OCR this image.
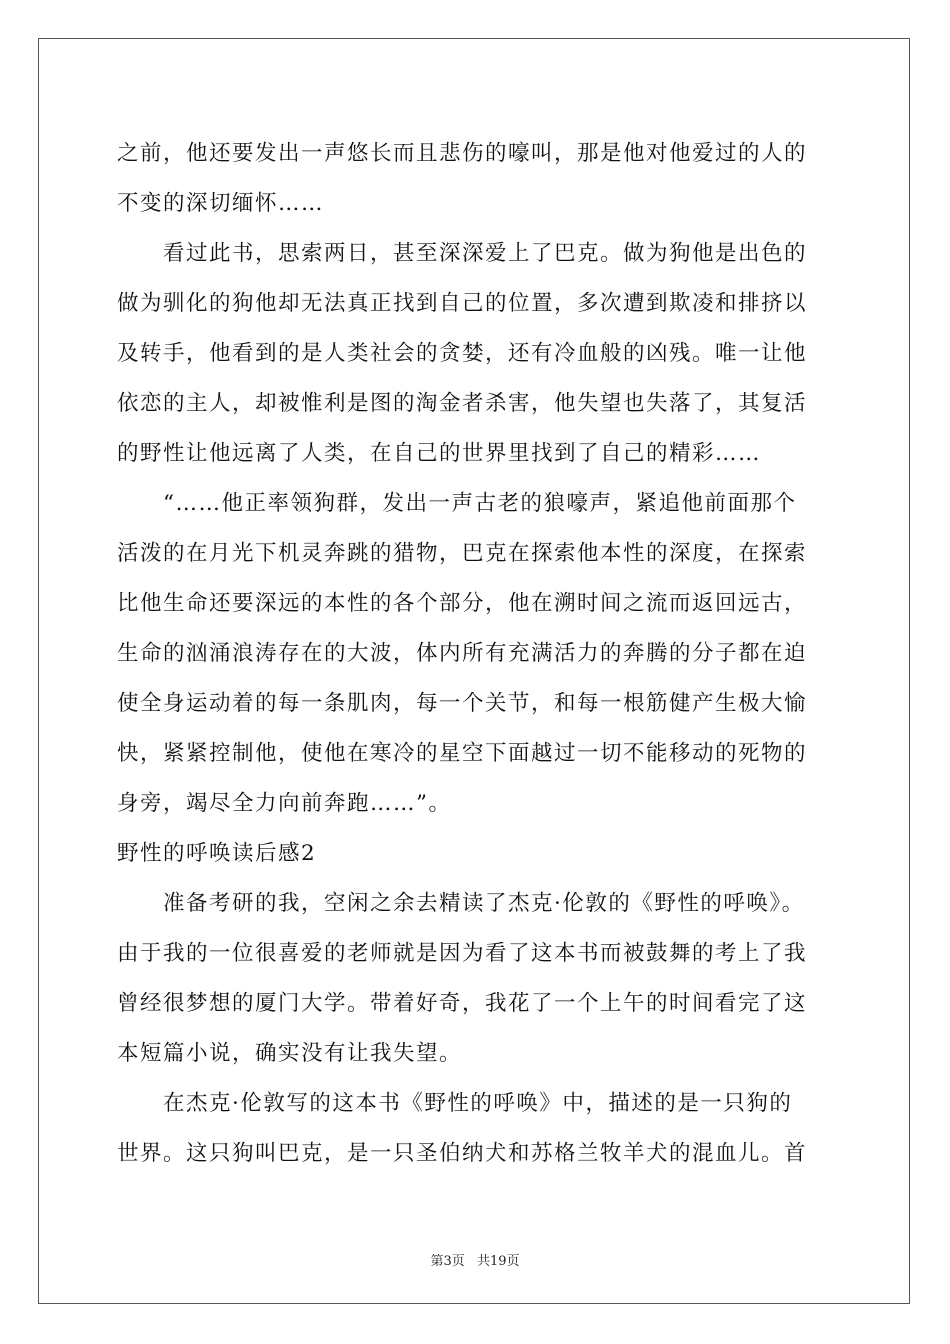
之前，他还要发出一声悠长而且悲伤的嚎叫，那是他对他爱过的人的
不变的深切缅怀……
　　看过此书，思索两日，甚至深深爱上了巴克。做为狗他是出色的
做为驯化的狗他却无法真正找到自己的位置，多次遭到欺凌和排挤以
及转手，他看到的是人类社会的贪婪，还有冷血般的凶残。唯一让他
依恋的主人，却被惟利是图的淘金者杀害，他失望也失落了，其复活
的野性让他远离了人类，在自己的世界里找到了自己的精彩……
　　“……他正率领狗群，发出一声古老的狼嚎声，紧追他前面那个
活泼的在月光下机灵奔跳的猎物，巴克在探索他本性的深度，在探索
比他生命还要深远的本性的各个部分，他在溯时间之流而返回远古，
生命的汹涌浪涛存在的大波，体内所有充满活力的奔腾的分子都在迫
使全身运动着的每一条肌肉，每一个关节，和每一根筋健产生极大愉
快，紧紧控制他，使他在寒冷的星空下面越过一切不能移动的死物的
身旁，竭尽全力向前奔跑……”。
野性的呼唤读后感2
　　准备考研的我，空闲之余去精读了杰克·伦敦的《野性的呼唤》。
由于我的一位很喜爱的老师就是因为看了这本书而被鼓舞的考上了我
曾经很梦想的厦门大学。带着好奇，我花了一个上午的时间看完了这
本短篇小说，确实没有让我失望。
　　在杰克·伦敦写的这本书《野性的呼唤》中，描述的是一只狗的
世界。这只狗叫巴克，是一只圣伯纳犬和苏格兰牧羊犬的混血儿。首
第3页 共19页
